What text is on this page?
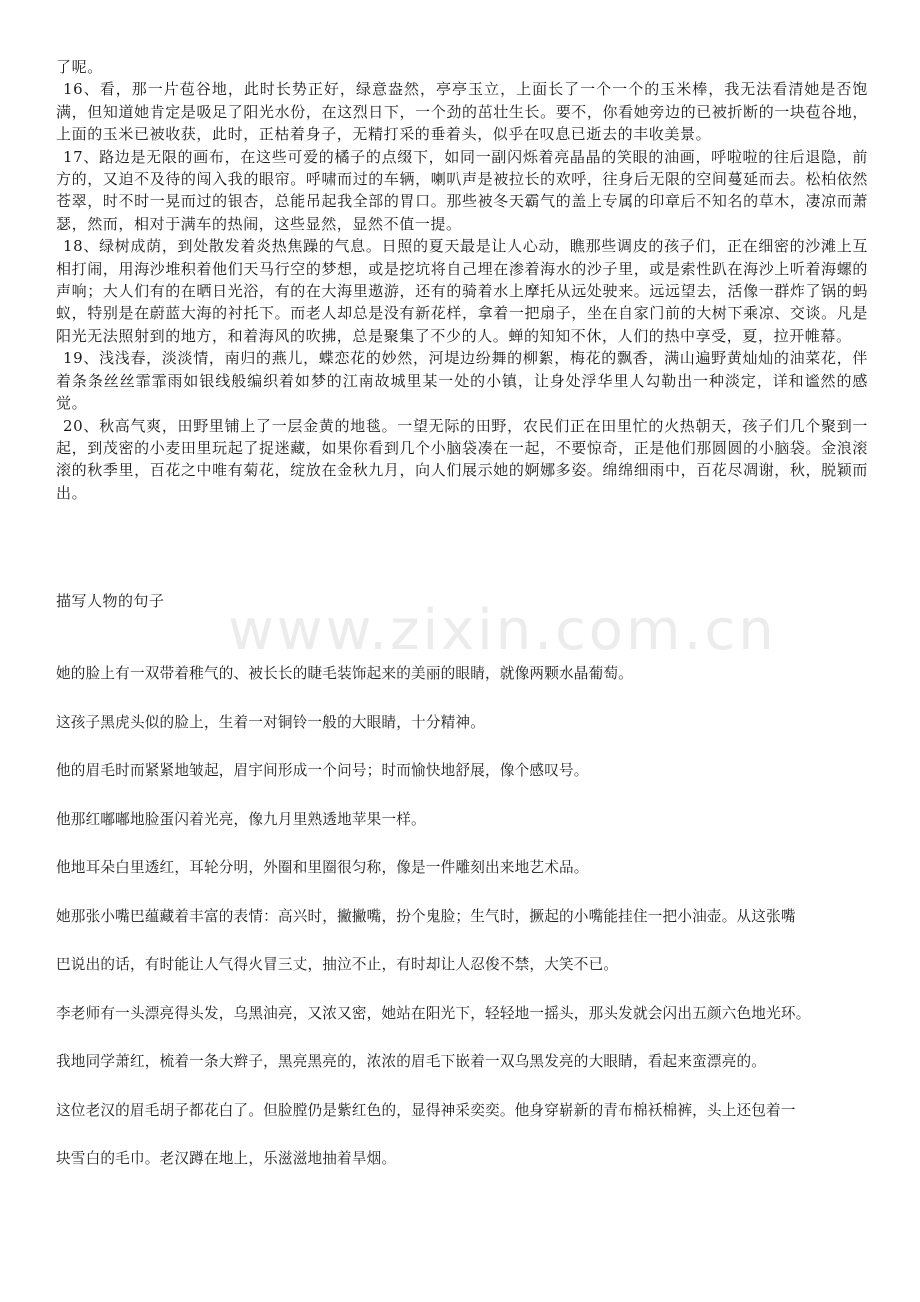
了呢。

16、看，那一片苞谷地，此时长势正好，绿意盎然，亭亭玉立，上面长了一个一个的玉米棒，我无法看清她是否饱满，但知道她肯定是吸足了阳光水份，在这烈日下，一个劲的茁壮生长。要不，你看她旁边的已被折断的一块苞谷地，上面的玉米已被收获，此时，正枯着身子，无精打采的垂着头，似乎在叹息已逝去的丰收美景。

17、路边是无限的画布，在这些可爱的橘子的点缀下，如同一副闪烁着亮晶晶的笑眼的油画，呼啦啦的往后退隐，前方的，又迫不及待的闯入我的眼帘。呼啸而过的车辆，喇叭声是被拉长的欢呼，往身后无限的空间蔓延而去。松柏依然苍翠，时不时一晃而过的银杏，总能吊起我全部的胃口。那些被冬天霸气的盖上专属的印章后不知名的草木，凄凉而萧瑟，然而，相对于满车的热闹，这些显然，显然不值一提。

18、绿树成荫，到处散发着炎热焦躁的气息。日照的夏天最是让人心动，瞧那些调皮的孩子们，正在细密的沙滩上互相打闹，用海沙堆积着他们天马行空的梦想，或是挖坑将自己埋在渗着海水的沙子里，或是索性趴在海沙上听着海螺的声响；大人们有的在晒日光浴，有的在大海里遨游，还有的骑着水上摩托从远处驶来。远远望去，活像一群炸了锅的蚂蚁，特别是在蔚蓝大海的衬托下。而老人却总是没有新花样，拿着一把扇子，坐在自家门前的大树下乘凉、交谈。凡是阳光无法照射到的地方，和着海风的吹拂，总是聚集了不少的人。蝉的知知不休，人们的热中享受，夏，拉开帷幕。

19、浅浅春，淡淡情，南归的燕儿，蝶恋花的妙然，河堤边纷舞的柳絮，梅花的飘香，满山遍野黄灿灿的油菜花，伴着条条丝丝霏霏雨如银线般编织着如梦的江南故城里某一处的小镇，让身处浮华里人勾勒出一种淡定，详和谧然的感觉。

20、秋高气爽，田野里铺上了一层金黄的地毯。一望无际的田野，农民们正在田里忙的火热朝天，孩子们几个聚到一起，到茂密的小麦田里玩起了捉迷藏，如果你看到几个小脑袋凑在一起，不要惊奇，正是他们那圆圆的小脑袋。金浪滚滚的秋季里，百花之中唯有菊花，绽放在金秋九月，向人们展示她的婀娜多姿。绵绵细雨中，百花尽凋谢，秋，脱颖而出。

描写人物的句子 www.zixin.com.cn

她的脸上有一双带着稚气的、被长长的睫毛装饰起来的美丽的眼睛，就像两颗水晶葡萄。

这孩子黑虎头似的脸上，生着一对铜铃一般的大眼睛，十分精神。

他的眉毛时而紧紧地皱起，眉宇间形成一个问号；时而愉快地舒展，像个感叹号。

他那红嘟嘟地脸蛋闪着光亮，像九月里熟透地苹果一样。

他地耳朵白里透红，耳轮分明，外圈和里圈很匀称，像是一件雕刻出来地艺术品。

她那张小嘴巴蕴藏着丰富的表情：高兴时，撇撇嘴，扮个鬼脸；生气时，撅起的小嘴能挂住一把小油壶。从这张嘴

巴说出的话，有时能让人气得火冒三丈，抽泣不止，有时却让人忍俊不禁，大笑不已。

李老师有一头漂亮得头发，乌黑油亮，又浓又密，她站在阳光下，轻轻地一摇头，那头发就会闪出五颜六色地光环。

我地同学萧红，梳着一条大辫子，黑亮黑亮的，浓浓的眉毛下嵌着一双乌黑发亮的大眼睛，看起来蛮漂亮的。

这位老汉的眉毛胡子都花白了。但脸膛仍是紫红色的，显得神采奕奕。他身穿崭新的青布棉袄棉裤，头上还包着一

块雪白的毛巾。老汉蹲在地上，乐滋滋地抽着旱烟。
